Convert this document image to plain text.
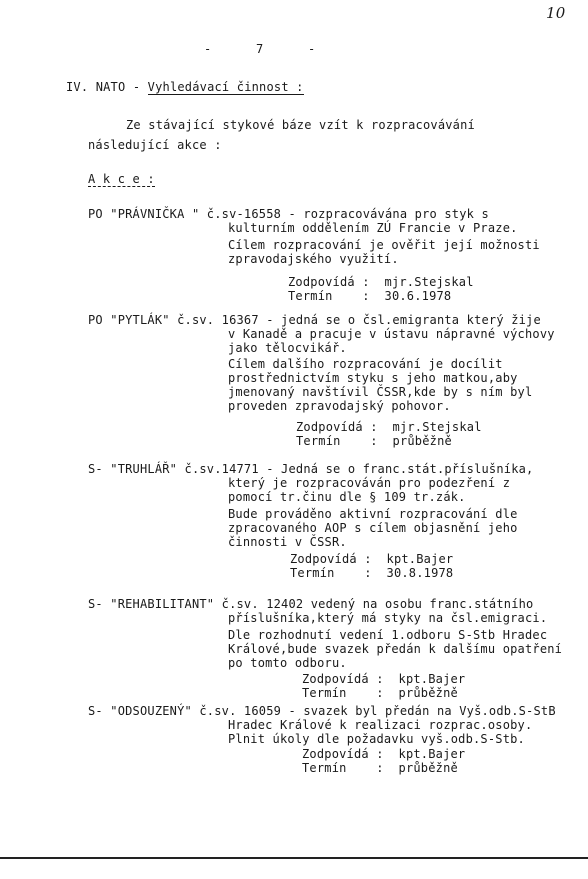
10
-      7      -
IV. NATO - Vyhledávací činnost :
Ze stávající stykové báze vzít k rozpracovávání
následující akce :
A k c e :
PO "PRÁVNIČKA " č.sv-16558 - rozpracovávána pro styk s
kulturním oddělením ZÚ Francie v Praze.
Cílem rozpracování je ověřit její možnosti
zpravodajského využití.
Zodpovídá :  mjr.Stejskal
Termín    :  30.6.1978
PO "PYTLÁK" č.sv. 16367 - jedná se o čsl.emigranta který žije
v Kanadě a pracuje v ústavu nápravné výchovy
jako tělocvikář.
Cílem dalšího rozpracování je docílit
prostřednictvím styku s jeho matkou,aby
jmenovaný navštívil ČSSR,kde by s ním byl
proveden zpravodajský pohovor.
Zodpovídá :  mjr.Stejskal
Termín    :  průběžně
S- "TRUHLÁŘ" č.sv.14771 - Jedná se o franc.stát.příslušníka,
který je rozpracováván pro podezření z
pomocí tr.činu dle § 109 tr.zák.
Bude prováděno aktivní rozpracování dle
zpracovaného AOP s cílem objasnění jeho
činnosti v ČSSR.
Zodpovídá :  kpt.Bajer
Termín    :  30.8.1978
S- "REHABILITANT" č.sv. 12402 vedený na osobu franc.státního
příslušníka,který má styky na čsl.emigraci.
Dle rozhodnutí vedení 1.odboru S-Stb Hradec
Králové,bude svazek předán k dalšímu opatření
po tomto odboru.
Zodpovídá :  kpt.Bajer
Termín    :  průběžně
S- "ODSOUZENÝ" č.sv. 16059 - svazek byl předán na Vyš.odb.S-StB
Hradec Králové k realizaci rozprac.osoby.
Plnit úkoly dle požadavku vyš.odb.S-Stb.
Zodpovídá :  kpt.Bajer
Termín    :  průběžně
